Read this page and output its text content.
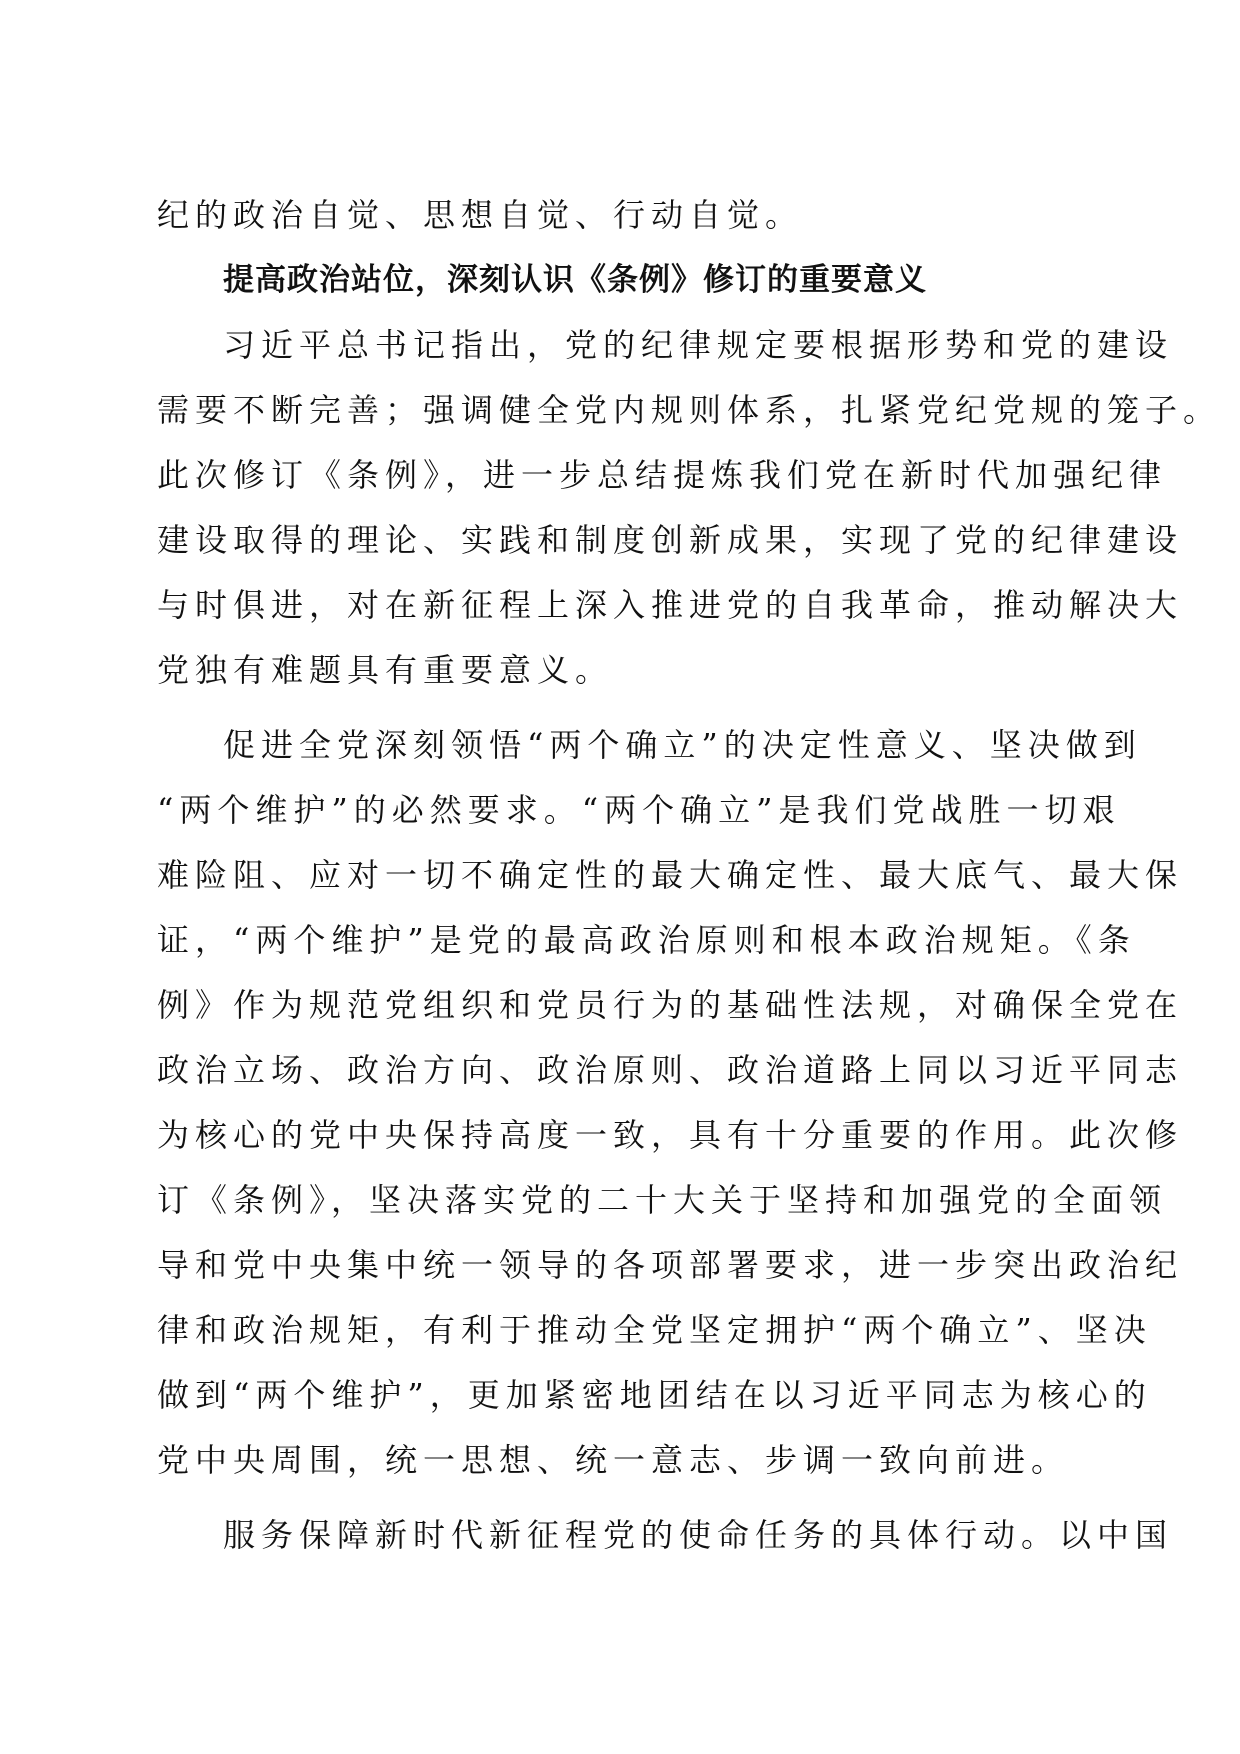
纪的政治自觉、思想自觉、行动自觉。
提高政治站位，深刻认识《条例》修订的重要意义
习近平总书记指出，党的纪律规定要根据形势和党的建设
需要不断完善；强调健全党内规则体系，扎紧党纪党规的笼子。
此次修订《条例》，进一步总结提炼我们党在新时代加强纪律
建设取得的理论、实践和制度创新成果，实现了党的纪律建设
与时俱进，对在新征程上深入推进党的自我革命，推动解决大
党独有难题具有重要意义。
促进全党深刻领悟“两个确立”的决定性意义、坚决做到
“两个维护”的必然要求。“两个确立”是我们党战胜一切艰
难险阻、应对一切不确定性的最大确定性、最大底气、最大保
证，“两个维护”是党的最高政治原则和根本政治规矩。《条
例》作为规范党组织和党员行为的基础性法规，对确保全党在
政治立场、政治方向、政治原则、政治道路上同以习近平同志
为核心的党中央保持高度一致，具有十分重要的作用。此次修
订《条例》，坚决落实党的二十大关于坚持和加强党的全面领
导和党中央集中统一领导的各项部署要求，进一步突出政治纪
律和政治规矩，有利于推动全党坚定拥护“两个确立”、坚决
做到“两个维护”，更加紧密地团结在以习近平同志为核心的
党中央周围，统一思想、统一意志、步调一致向前进。
服务保障新时代新征程党的使命任务的具体行动。以中国
